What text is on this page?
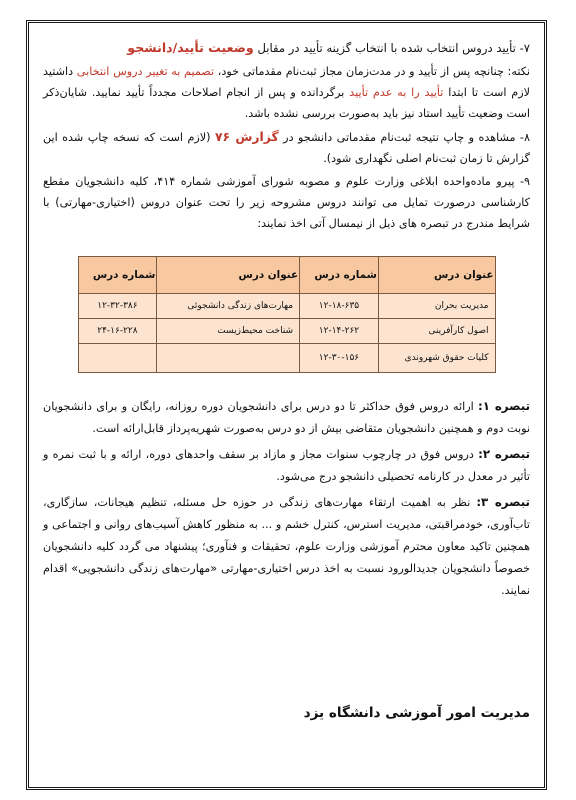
۷- تأیید دروس انتخاب شده با انتخاب گزینه تأیید در مقابل وضعیت تأیید/دانشجو

نکته: چنانچه پس از تأیید و در مدت‌زمان مجاز ثبت‌نام مقدماتی خود، تصمیم به تغییر دروس انتخابی داشتید لازم است تا ابتدا تأیید را به عدم تأیید برگردانده و پس از انجام اصلاحات مجدداً تأیید نمایید. شایان‌ذکر است وضعیت تأیید استاد نیز باید به‌صورت بررسی نشده باشد.

۸- مشاهده و چاپ نتیجه ثبت‌نام مقدماتی دانشجو در گزارش ۷۶ (لازم است که نسخه چاپ شده این گزارش تا زمان ثبت‌نام اصلی نگهداری شود).

۹- پیرو ماده‌واحده ابلاغی وزارت علوم و مصوبه شورای آموزشی شماره ۴۱۴، کلیه دانشجویان مقطع کارشناسی درصورت تمایل می توانند دروس مشروحه زیر را تحت عنوان دروس (اختیاری-مهارتی) با شرایط مندرج در تبصره های ذیل از نیمسال آتی اخذ نمایند:

عنوان درس	شماره درس	عنوان درس	شماره درس
مدیریت بحران	۱۲-۱۸-۶۳۵	مهارت‌های زندگی دانشجوئی	۱۲-۳۲-۳۸۶
اصول کارآفرینی	۱۲-۱۴-۲۶۲	شناخت محیط‌زیست	۲۴-۱۶-۲۲۸
کلیات حقوق شهروندی	۱۲-۳۰-۱۵۶		

تبصره ۱: ارائه دروس فوق حداکثر تا دو درس برای دانشجویان دوره روزانه، رایگان و برای دانشجویان نوبت دوم و همچنین دانشجویان متقاضی بیش از دو درس به‌صورت شهریه‌پرداز قابل‌ارائه است.

تبصره ۲: دروس فوق در چارچوب سنوات مجاز و مازاد بر سقف واحدهای دوره، ارائه و با ثبت نمره و تأثیر در معدل در کارنامه تحصیلی دانشجو درج می‌شود.

تبصره ۳: نظر به اهمیت ارتقاء مهارت‌های زندگی در حوزه حل مسئله، تنظیم هیجانات، سازگاری، تاب‌آوری، خودمراقبتی، مدیریت استرس، کنترل خشم و ... به منظور کاهش آسیب‌های روانی و اجتماعی و همچنین تاکید معاون محترم آموزشی وزارت علوم، تحقیقات و فنآوری؛ پیشنهاد می گردد کلیه دانشجویان خصوصاً دانشجویان جدیدالورود نسبت به اخذ درس اختیاری-مهارتی «مهارت‌های زندگی دانشجویی» اقدام نمایند.

مدیریت امور آموزشی دانشگاه یزد
